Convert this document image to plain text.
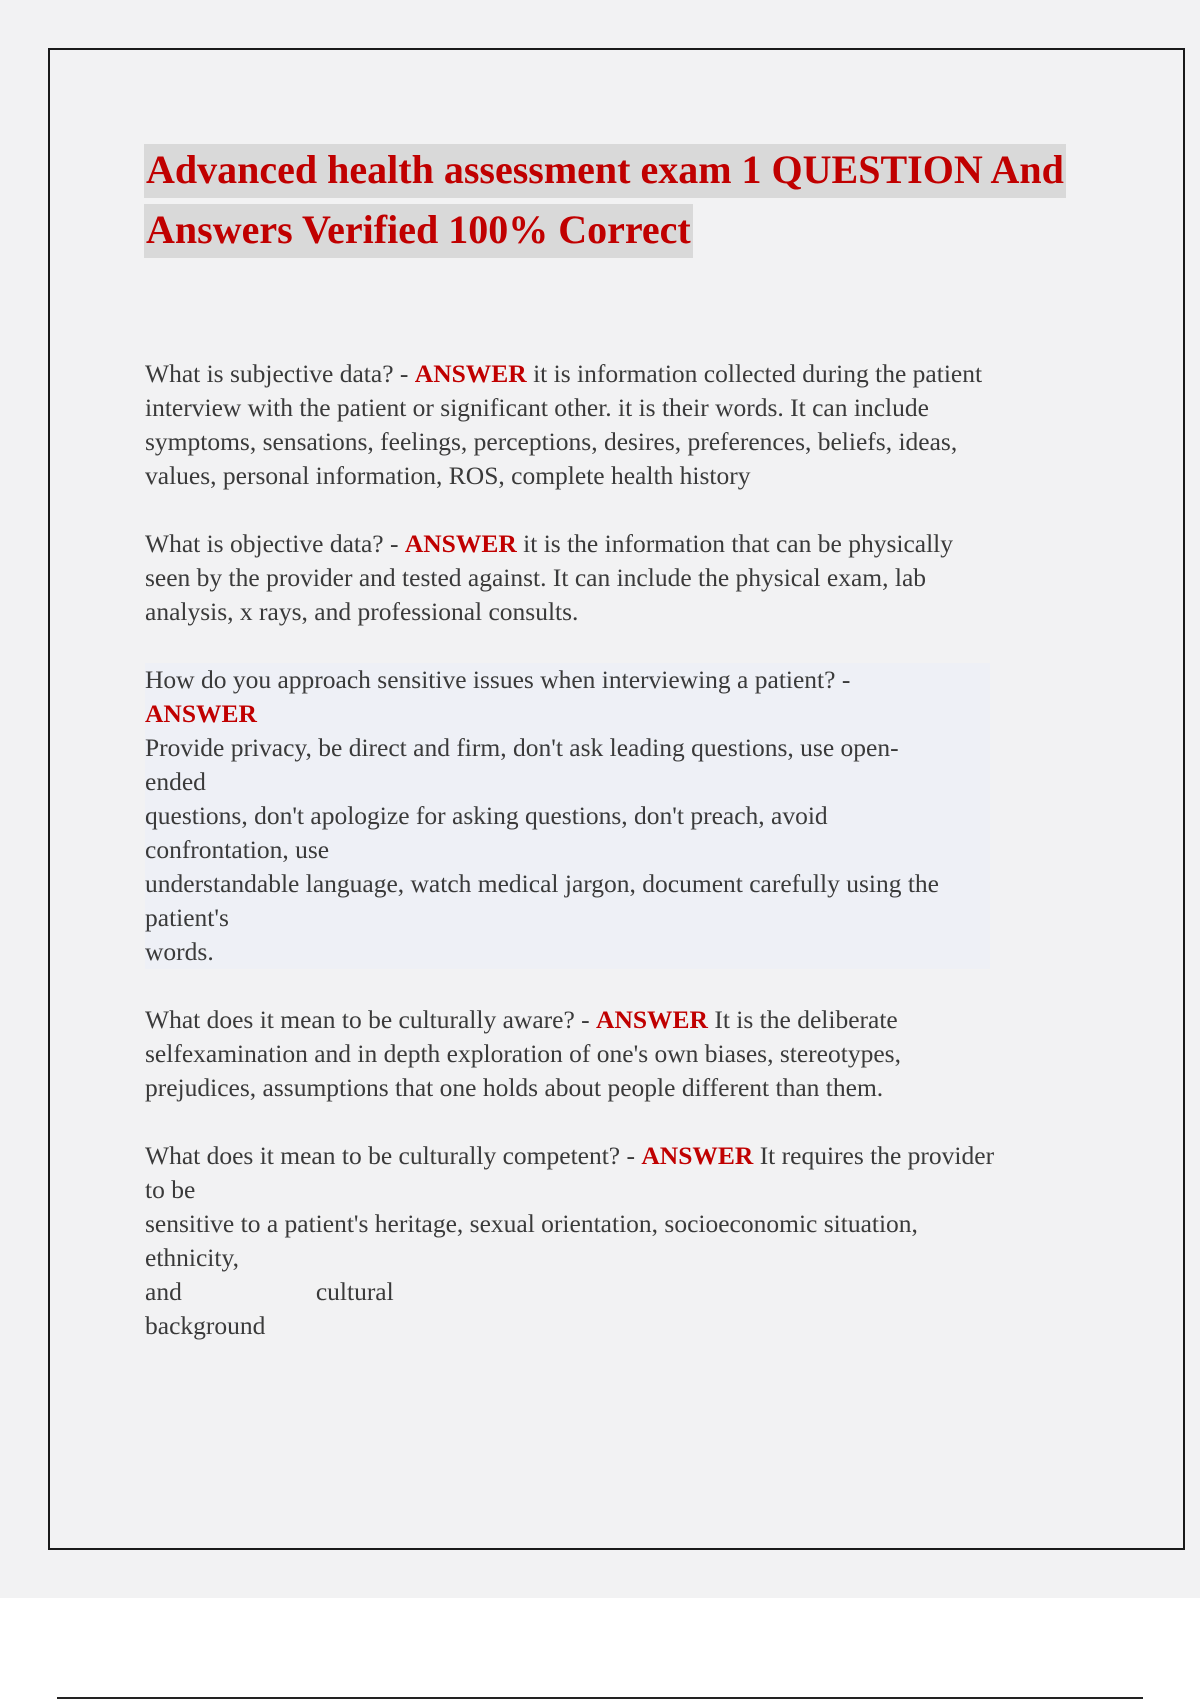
Advanced health assessment exam 1 QUESTION And
Answers Verified 100% Correct
What is subjective data? - ANSWER it is information collected during the patient
interview with the patient or significant other. it is their words. It can include
symptoms, sensations, feelings, perceptions, desires, preferences, beliefs, ideas,
values, personal information, ROS, complete health history
What is objective data? - ANSWER it is the information that can be physically
seen by the provider and tested against. It can include the physical exam, lab
analysis, x rays, and professional consults.
How do you approach sensitive issues when interviewing a patient? -
ANSWER
Provide privacy, be direct and firm, don't ask leading questions, use open-
ended
questions, don't apologize for asking questions, don't preach, avoid
confrontation, use
understandable language, watch medical jargon, document carefully using the
patient's
words.
What does it mean to be culturally aware? - ANSWER It is the deliberate
selfexamination and in depth exploration of one's own biases, stereotypes,
prejudices, assumptions that one holds about people different than them.
What does it mean to be culturally competent? - ANSWER It requires the provider
to be
sensitive to a patient's heritage, sexual orientation, socioeconomic situation,
ethnicity,
and	cultural
background
